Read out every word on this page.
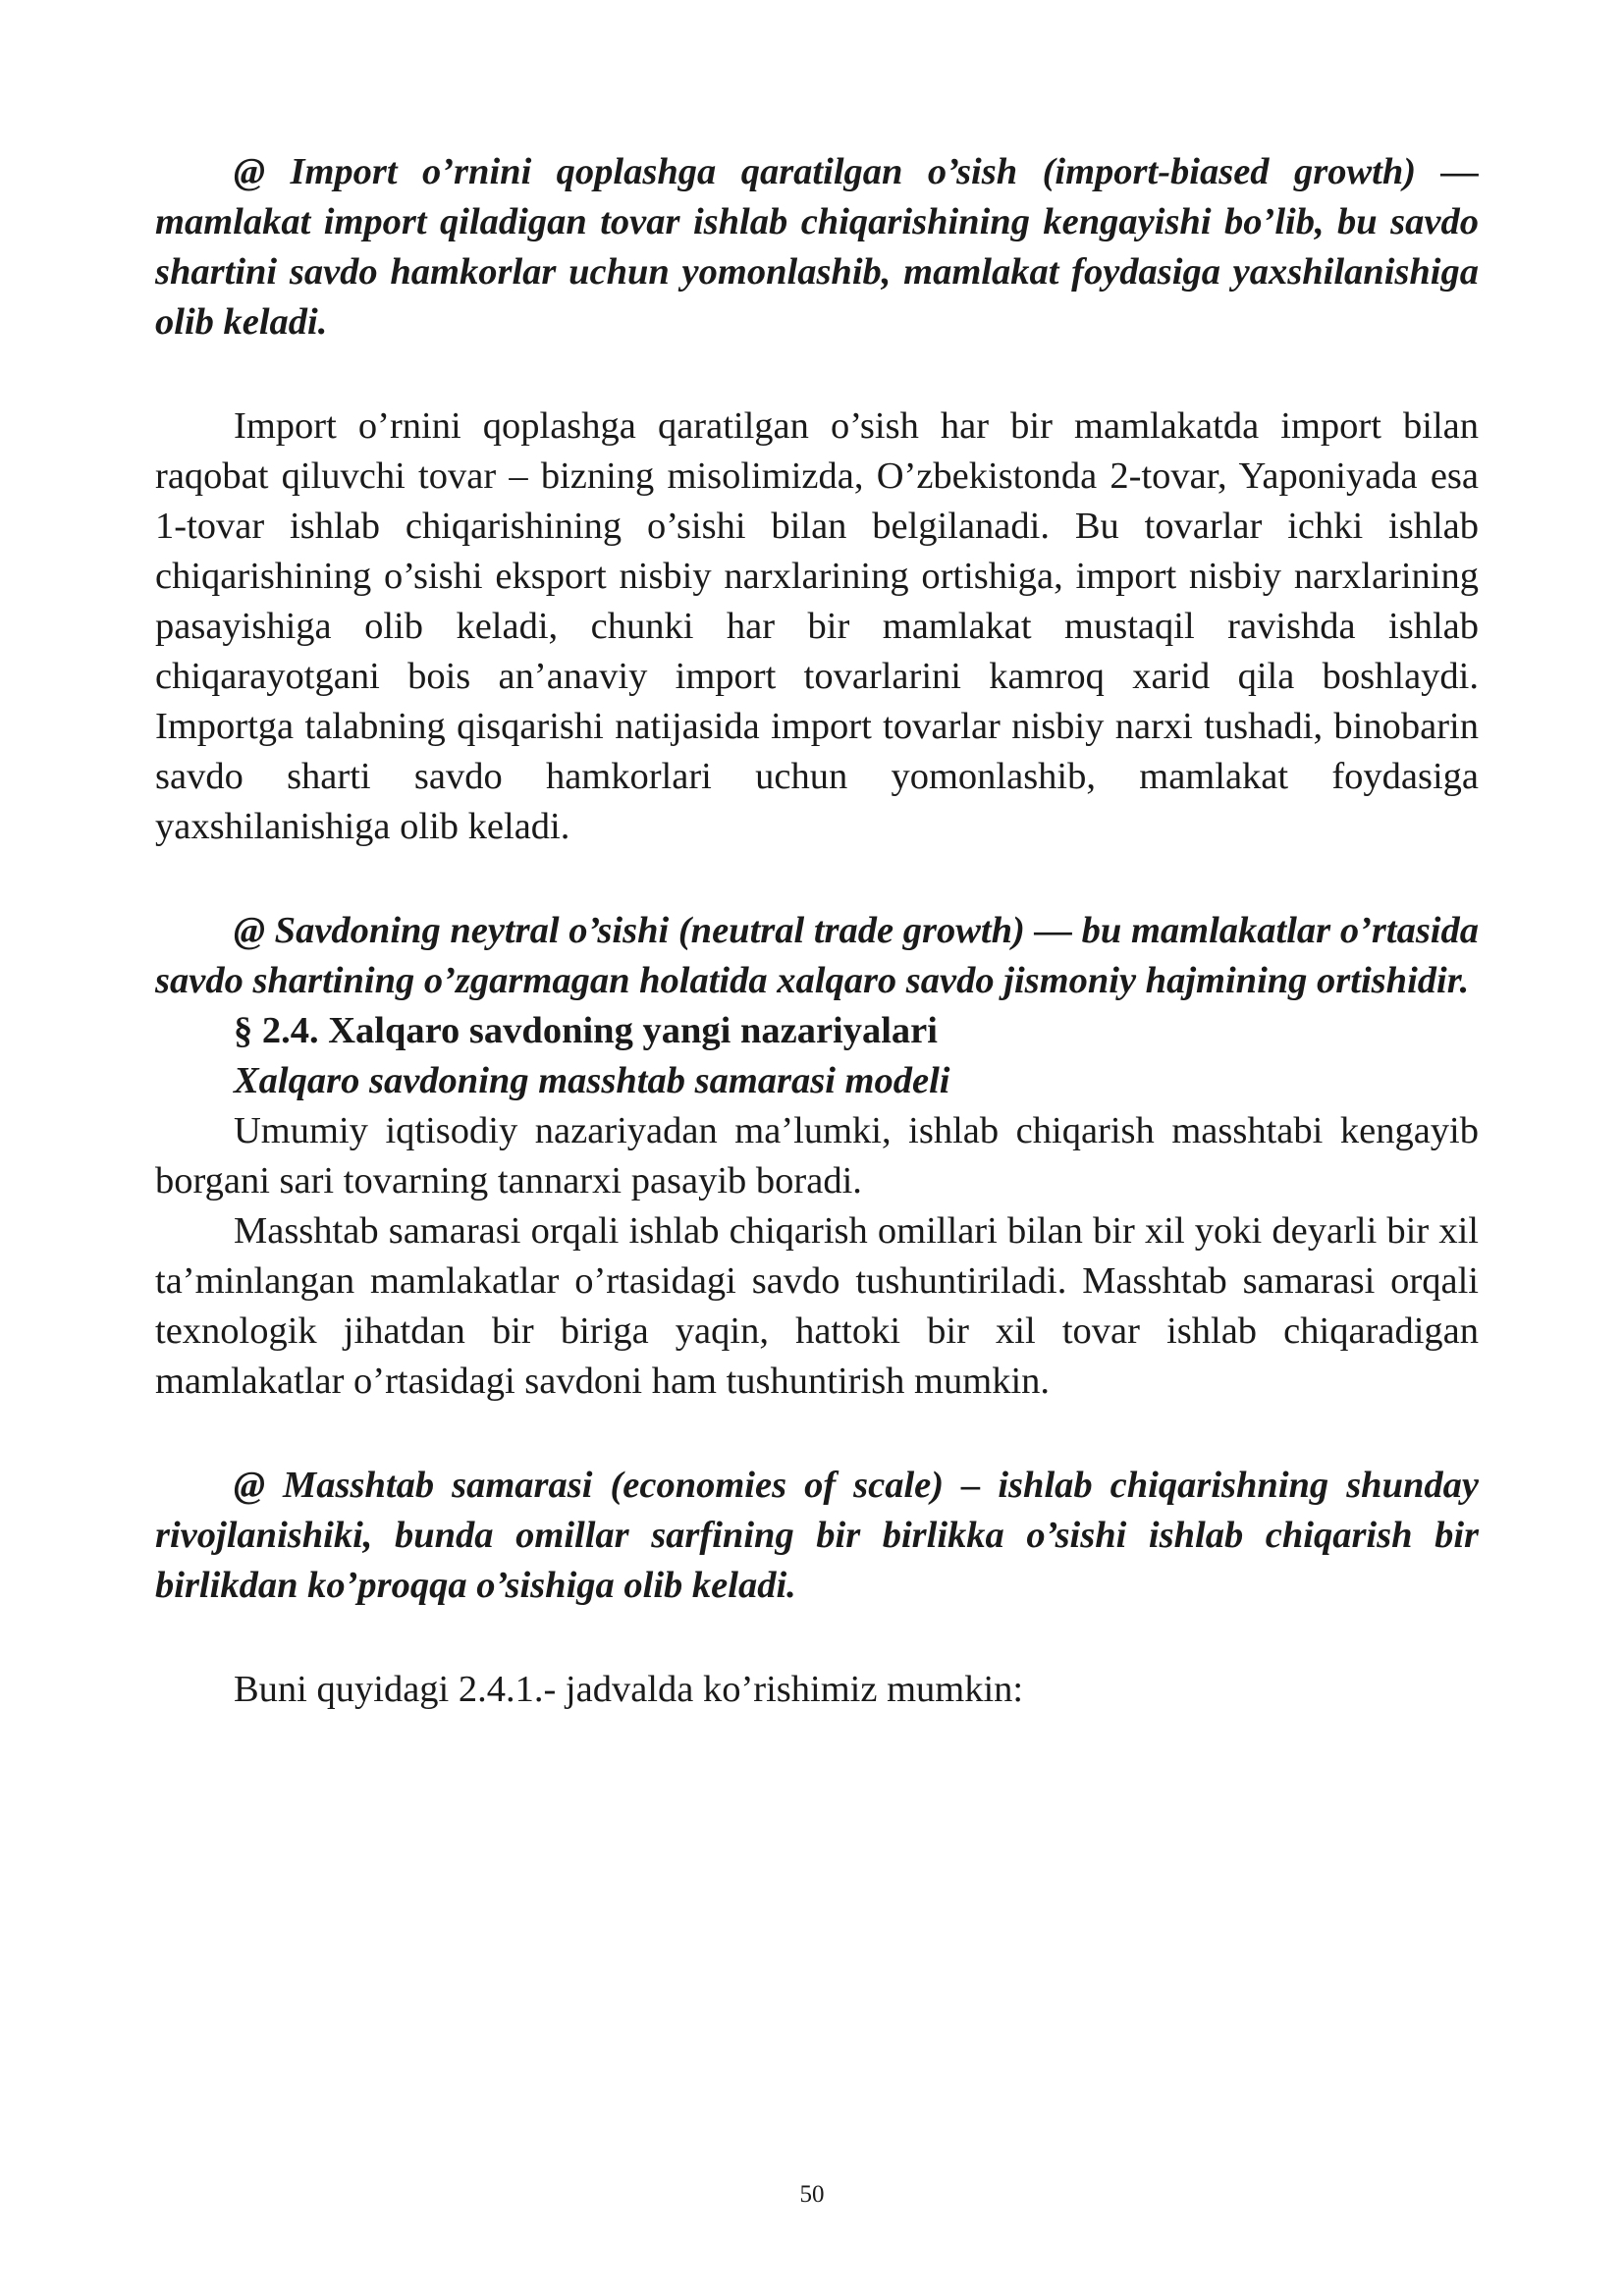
@ Import o’rnini qoplashga qaratilgan o’sish (import-biased growth) — mamlakat import qiladigan tovar ishlab chiqarishining kengayishi bo’lib, bu savdo shartini savdo hamkorlar uchun yomonlashib, mamlakat foydasiga yaxshilanishiga olib keladi.

Import o’rnini qoplashga qaratilgan o’sish har bir mamlakatda import bilan raqobat qiluvchi tovar – bizning misolimizda, O’zbekistonda 2-tovar, Yaponiyada esa 1-tovar ishlab chiqarishining o’sishi bilan belgilanadi. Bu tovarlar ichki ishlab chiqarishining o’sishi eksport nisbiy narxlarining ortishiga, import nisbiy narxlarining pasayishiga olib keladi, chunki har bir mamlakat mustaqil ravishda ishlab chiqarayotgani bois an’anaviy import tovarlarini kamroq xarid qila boshlaydi. Importga talabning qisqarishi natijasida import tovarlar nisbiy narxi tushadi, binobarin savdo sharti savdo hamkorlari uchun yomonlashib, mamlakat foydasiga yaxshilanishiga olib keladi.

@ Savdoning neytral o’sishi (neutral trade growth) — bu mamlakatlar o’rtasida savdo shartining o’zgarmagan holatida xalqaro savdo jismoniy hajmining ortishidir.

§ 2.4. Xalqaro savdoning yangi nazariyalari
Xalqaro savdoning masshtab samarasi modeli

Umumiy iqtisodiy nazariyadan ma’lumki, ishlab chiqarish masshtabi kengayib borgani sari tovarning tannarxi pasayib boradi.

Masshtab samarasi orqali ishlab chiqarish omillari bilan bir xil yoki deyarli bir xil ta’minlangan mamlakatlar o’rtasidagi savdo tushuntiriladi. Masshtab samarasi orqali texnologik jihatdan bir biriga yaqin, hattoki bir xil tovar ishlab chiqaradigan mamlakatlar o’rtasidagi savdoni ham tushuntirish mumkin.

@ Masshtab samarasi (economies of scale) – ishlab chiqarishning shunday rivojlanishiki, bunda omillar sarfining bir birlikka o’sishi ishlab chiqarish bir birlikdan ko’proqqa o’sishiga olib keladi.

Buni quyidagi 2.4.1.- jadvalda ko’rishimiz mumkin:

50
